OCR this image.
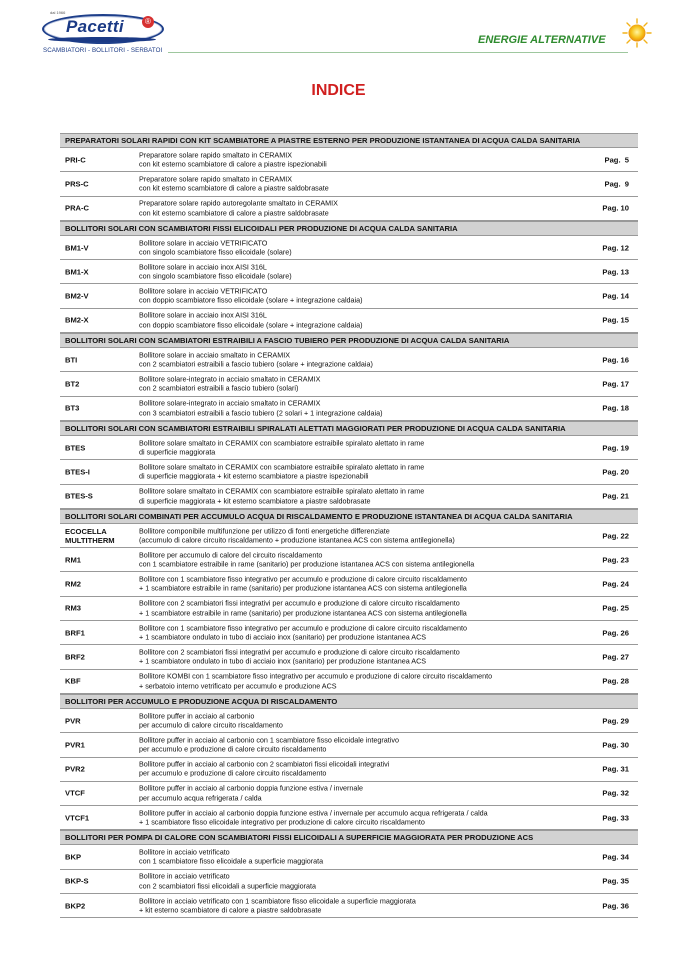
dal 1966
Pacetti	®
SCAMBIATORI - BOLLITORI - SERBATOI
ENERGIE ALTERNATIVE
INDICE
PREPARATORI SOLARI RAPIDI CON KIT SCAMBIATORE A PIASTRE ESTERNO PER PRODUZIONE ISTANTANEA DI ACQUA CALDA SANITARIA
PRI-C
Preparatore solare rapido smaltato in CERAMIX
con kit esterno scambiatore di calore a piastre ispezionabili	Pag.  5
PRS-C
Preparatore solare rapido smaltato in CERAMIX
con kit esterno scambiatore di calore a piastre saldobrasate	Pag.  9
PRA-C
Preparatore solare rapido autoregolante smaltato in CERAMIX
con kit esterno scambiatore di calore a piastre saldobrasate	Pag. 10
BOLLITORI SOLARI CON SCAMBIATORI FISSI ELICOIDALI PER PRODUZIONE DI ACQUA CALDA SANITARIA
BM1-V
Bollitore solare in acciaio VETRIFICATO
con singolo scambiatore fisso elicoidale (solare)	Pag. 12
BM1-X
Bollitore solare in acciaio inox AISI 316L
con singolo scambiatore fisso elicoidale (solare)	Pag. 13
BM2-V
Bollitore solare in acciaio VETRIFICATO
con doppio scambiatore fisso elicoidale (solare + integrazione caldaia)	Pag. 14
BM2-X
Bollitore solare in acciaio inox AISI 316L
con doppio scambiatore fisso elicoidale (solare + integrazione caldaia)	Pag. 15
BOLLITORI SOLARI CON SCAMBIATORI ESTRAIBILI A FASCIO TUBIERO PER PRODUZIONE DI ACQUA CALDA SANITARIA
BTI
Bollitore solare in acciaio smaltato in CERAMIX
con 2 scambiatori estraibili a fascio tubiero (solare + integrazione caldaia)	Pag. 16
BT2
Bollitore solare-integrato in acciaio smaltato in CERAMIX
con 2 scambiatori estraibili a fascio tubiero (solari)	Pag. 17
BT3
Bollitore solare-integrato in acciaio smaltato in CERAMIX
con 3 scambiatori estraibili a fascio tubiero (2 solari + 1 integrazione caldaia)	Pag. 18
BOLLITORI SOLARI CON SCAMBIATORI ESTRAIBILI SPIRALATI ALETTATI MAGGIORATI PER PRODUZIONE DI ACQUA CALDA SANITARIA
BTES
Bollitore solare smaltato in CERAMIX con scambiatore estraibile spiralato alettato in rame
di superficie maggiorata	Pag. 19
BTES-I
Bollitore solare smaltato in CERAMIX con scambiatore estraibile spiralato alettato in rame
di superficie maggiorata + kit esterno scambiatore a piastre ispezionabili	Pag. 20
BTES-S
Bollitore solare smaltato in CERAMIX con scambiatore estraibile spiralato alettato in rame
di superficie maggiorata + kit esterno scambiatore a piastre saldobrasate	Pag. 21
BOLLITORI SOLARI COMBINATI PER ACCUMULO ACQUA DI RISCALDAMENTO E PRODUZIONE ISTANTANEA DI ACQUA CALDA SANITARIA
ECOCELLA
MULTITHERM
Bollitore componibile multifunzione per utilizzo di fonti energetiche differenziate
(accumulo di calore circuito riscaldamento + produzione istantanea ACS con sistema antilegionella)	Pag. 22
RM1
Bollitore per accumulo di calore del circuito riscaldamento
con 1 scambiatore estraibile in rame (sanitario) per produzione istantanea ACS con sistema antilegionella	Pag. 23
RM2
Bollitore con 1 scambiatore fisso integrativo per accumulo e produzione di calore circuito riscaldamento
+ 1 scambiatore estraibile in rame (sanitario) per produzione istantanea ACS con sistema antilegionella	Pag. 24
RM3
Bollitore con 2 scambiatori fissi integrativi per accumulo e produzione di calore circuito riscaldamento
+ 1 scambiatore estraibile in rame (sanitario) per produzione istantanea ACS con sistema antilegionella	Pag. 25
BRF1
Bollitore con 1 scambiatore fisso integrativo per accumulo e produzione di calore circuito riscaldamento
+ 1 scambiatore ondulato in tubo di acciaio inox (sanitario) per produzione istantanea ACS	Pag. 26
BRF2
Bollitore con 2 scambiatori fissi integrativi per accumulo e produzione di calore circuito riscaldamento
+ 1 scambiatore ondulato in tubo di acciaio inox (sanitario) per produzione istantanea ACS	Pag. 27
KBF
Bollitore KOMBI con 1 scambiatore fisso integrativo per accumulo e produzione di calore circuito riscaldamento
+ serbatoio interno vetrificato per accumulo e produzione ACS	Pag. 28
BOLLITORI PER ACCUMULO E PRODUZIONE ACQUA DI RISCALDAMENTO
PVR
Bollitore puffer in acciaio al carbonio
per accumulo di calore circuito riscaldamento	Pag. 29
PVR1
Bollitore puffer in acciaio al carbonio con 1 scambiatore fisso elicoidale integrativo
per accumulo e produzione di calore circuito riscaldamento	Pag. 30
PVR2
Bollitore puffer in acciaio al carbonio con 2 scambiatori fissi elicoidali integrativi
per accumulo e produzione di calore circuito riscaldamento	Pag. 31
VTCF
Bollitore puffer in acciaio al carbonio doppia funzione estiva / invernale
per accumulo acqua refrigerata / calda	Pag. 32
VTCF1
Bollitore puffer in acciaio al carbonio doppia funzione estiva / invernale per accumulo acqua refrigerata / calda
+ 1 scambiatore fisso elicoidale integrativo per produzione di calore circuito riscaldamento	Pag. 33
BOLLITORI PER POMPA DI CALORE CON SCAMBIATORI FISSI ELICOIDALI A SUPERFICIE MAGGIORATA PER PRODUZIONE ACS
BKP
Bollitore in acciaio vetrificato
con 1 scambiatore fisso elicoidale a superficie maggiorata	Pag. 34
BKP-S
Bollitore in acciaio vetrificato
con 2 scambiatori fissi elicoidali a superficie maggiorata	Pag. 35
BKP2
Bollitore in acciaio vetrificato con 1 scambiatore fisso elicoidale a superficie maggiorata
+ kit esterno scambiatore di calore a piastre saldobrasate	Pag. 36
